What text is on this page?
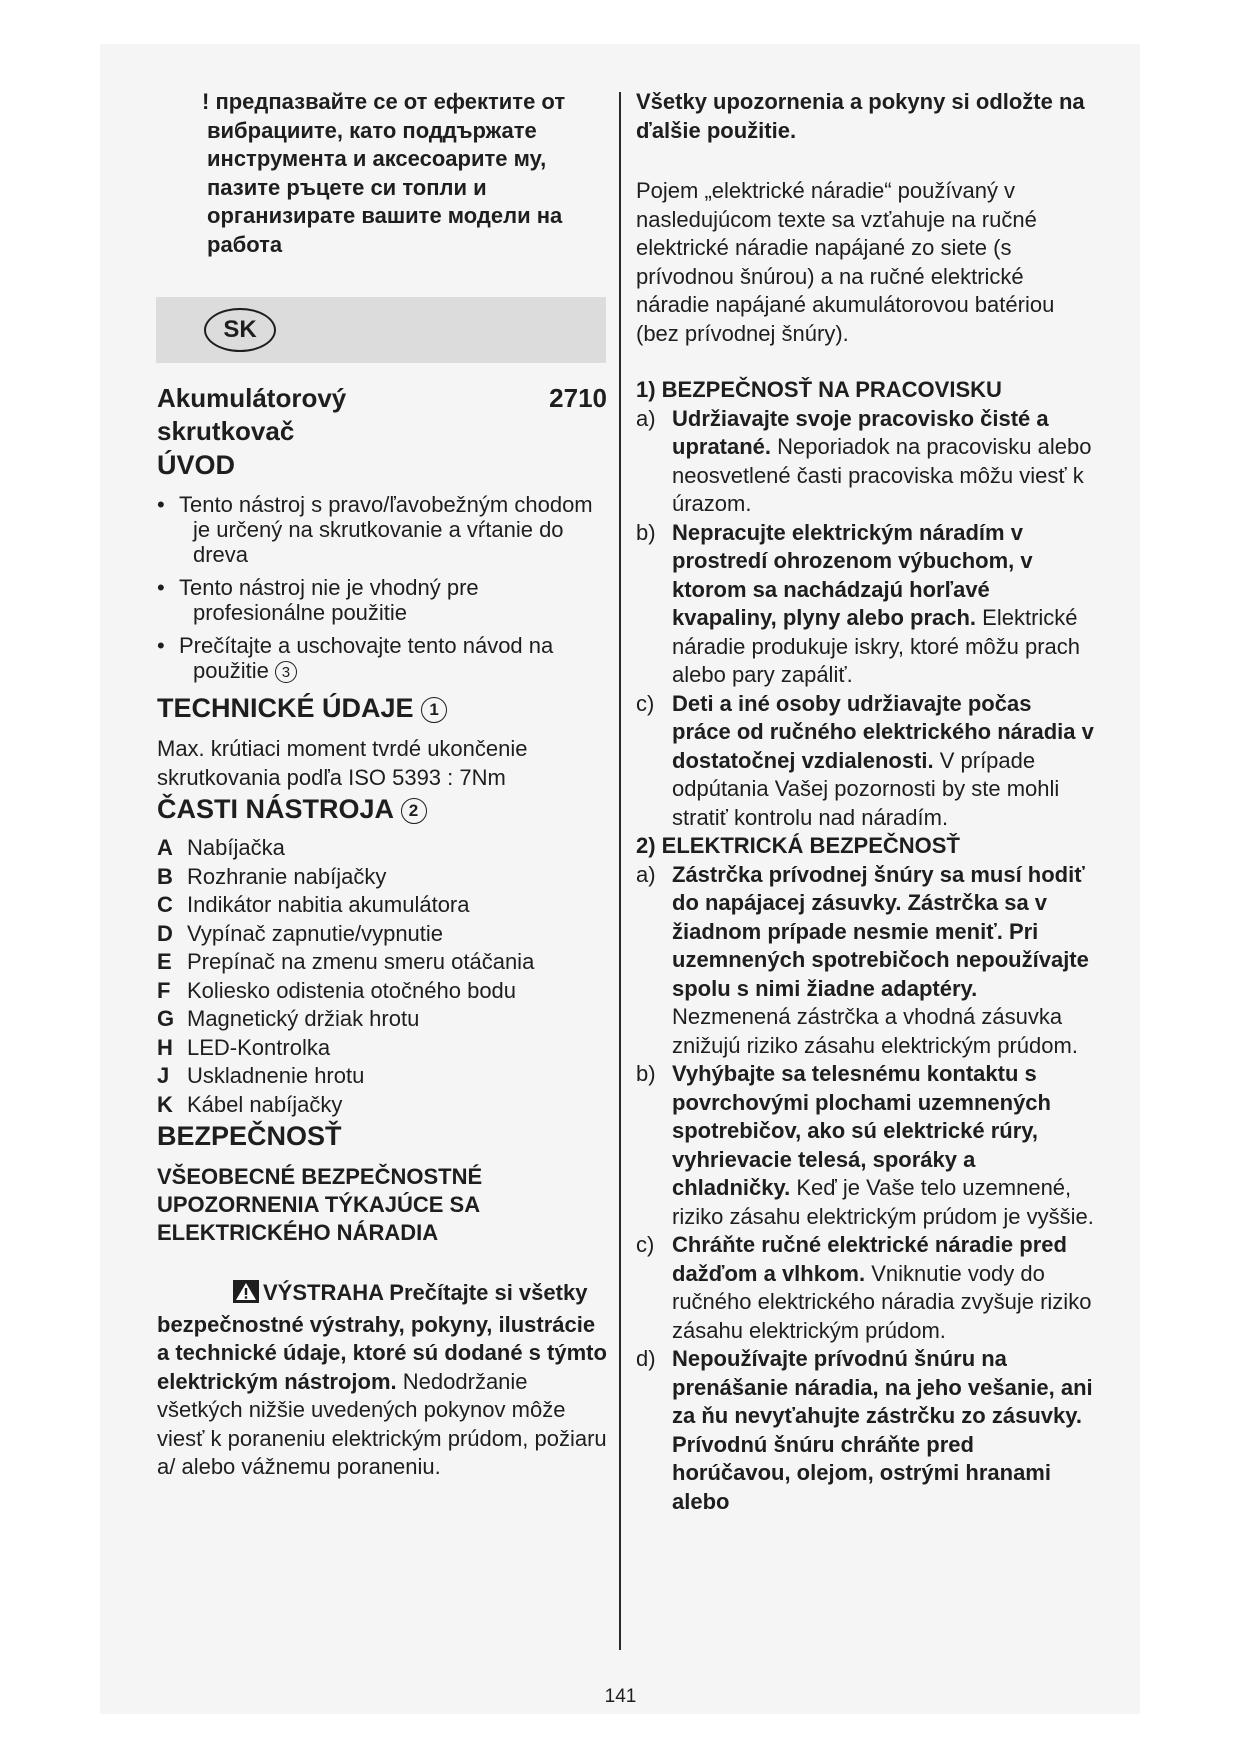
! предпазвайте се от ефектите от вибрациите, като поддържате инструмента и аксесоарите му, пазите ръцете си топли и организирате вашите модели на работа
SK
Akumulátorový skrutkovač
2710
ÚVOD
• Tento nástroj s pravo/ľavobežným chodom je určený na skrutkovanie a vŕtanie do dreva
• Tento nástroj nie je vhodný pre profesionálne použitie
• Prečítajte a uschovajte tento návod na použitie 3
TECHNICKÉ ÚDAJE 1

Max. krútiaci moment tvrdé ukončenie skrutkovania podľa ISO 5393 : 7Nm

ČASTI NÁSTROJA 2
A Nabíjačka
B Rozhranie nabíjačky
C Indikátor nabitia akumulátora
D Vypínač zapnutie/vypnutie
E Prepínač na zmenu smeru otáčania
F Koliesko odistenia otočného bodu
G Magnetický držiak hrotu
H LED-Kontrolka
J Uskladnenie hrotu
K Kábel nabíjačky
BEZPEČNOSŤ
VŠEOBECNÉ BEZPEČNOSTNÉ UPOZORNENIA TÝKAJÚCE SA ELEKTRICKÉHO NÁRADIA
VÝSTRAHA Prečítajte si všetky bezpečnostné výstrahy, pokyny, ilustrácie a technické údaje, ktoré sú dodané s týmto elektrickým nástrojom. Nedodržanie všetkých nižšie uvedených pokynov môže viesť k poraneniu elektrickým prúdom, požiaru a/ alebo vážnemu poraneniu.
Všetky upozornenia a pokyny si odložte na ďalšie použitie.
Pojem „elektrické náradie“ používaný v nasledujúcom texte sa vzťahuje na ručné elektrické náradie napájané zo siete (s prívodnou šnúrou) a na ručné elektrické náradie napájané akumulátorovou batériou (bez prívodnej šnúry).
1) BEZPEČNOSŤ NA PRACOVISKU
a) Udržiavajte svoje pracovisko čisté a upratané. Neporiadok na pracovisku alebo neosvetlené časti pracoviska môžu viesť k úrazom.
b) Nepracujte elektrickým náradím v prostredí ohrozenom výbuchom, v ktorom sa nachádzajú horľavé kvapaliny, plyny alebo prach. Elektrické náradie produkuje iskry, ktoré môžu prach alebo pary zapáliť.
c) Deti a iné osoby udržiavajte počas práce od ručného elektrického náradia v dostatočnej vzdialenosti. V prípade odpútania Vašej pozornosti by ste mohli stratiť kontrolu nad náradím.
2) ELEKTRICKÁ BEZPEČNOSŤ
a) Zástrčka prívodnej šnúry sa musí hodiť do napájacej zásuvky. Zástrčka sa v žiadnom prípade nesmie meniť. Pri uzemnených spotrebičoch nepoužívajte spolu s nimi žiadne adaptéry. Nezmenená zástrčka a vhodná zásuvka znižujú riziko zásahu elektrickým prúdom.
b) Vyhýbajte sa telesnému kontaktu s povrchovými plochami uzemnených spotrebičov, ako sú elektrické rúry, vyhrievacie telesá, sporáky a chladničky. Keď je Vaše telo uzemnené, riziko zásahu elektrickým prúdom je vyššie.
c) Chráňte ručné elektrické náradie pred dažďom a vlhkom. Vniknutie vody do ručného elektrického náradia zvyšuje riziko zásahu elektrickým prúdom.
d) Nepoužívajte prívodnú šnúru na prenášanie náradia, na jeho vešanie, ani za ňu nevyťahujte zástrčku zo zásuvky. Prívodnú šnúru chráňte pred horúčavou, olejom, ostrými hranami alebo
141
